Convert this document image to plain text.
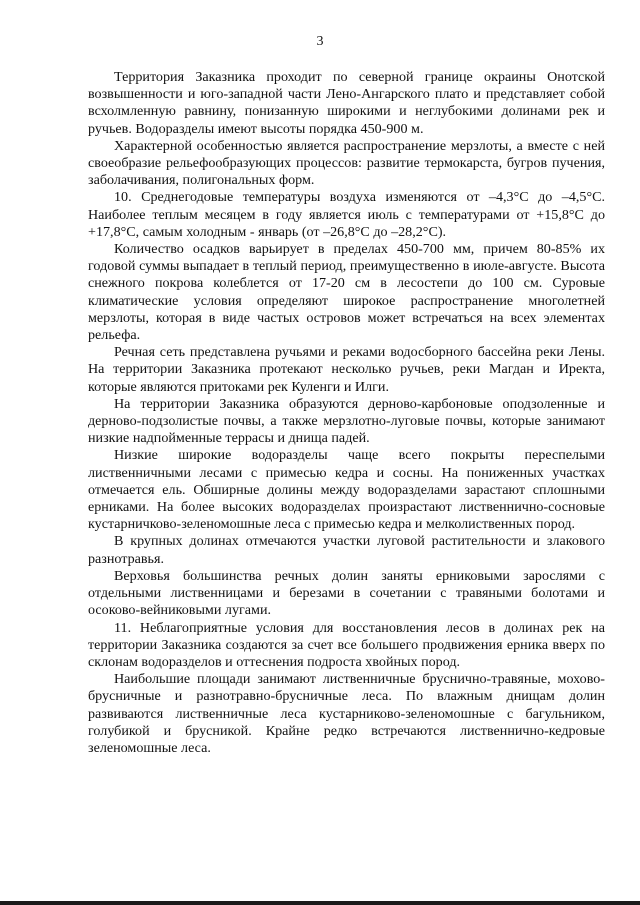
3

Территория Заказника проходит по северной границе окраины Онотской возвышенности и юго-западной части Лено-Ангарского плато и представляет собой всхолмленную равнину, понизанную широкими и неглубокими долинами рек и ручьев. Водоразделы имеют высоты порядка 450-900 м.

Характерной особенностью является распространение мерзлоты, а вместе с ней своеобразие рельефообразующих процессов: развитие термокарста, бугров пучения, заболачивания, полигональных форм.

10. Среднегодовые температуры воздуха изменяются от –4,3°С до –4,5°С. Наиболее теплым месяцем в году является июль с температурами от +15,8°С до +17,8°С, самым холодным - январь (от –26,8°С до –28,2°С).

Количество осадков варьирует в пределах 450-700 мм, причем 80-85% их годовой суммы выпадает в теплый период, преимущественно в июле-августе. Высота снежного покрова колеблется от 17-20 см в лесостепи до 100 см. Суровые климатические условия определяют широкое распространение многолетней мерзлоты, которая в виде частых островов может встречаться на всех элементах рельефа.

Речная сеть представлена ручьями и реками водосборного бассейна реки Лены. На территории Заказника протекают несколько ручьев, реки Магдан и Иректа, которые являются притоками рек Куленги и Илги.

На территории Заказника образуются дерново-карбоновые оподзоленные и дерново-подзолистые почвы, а также мерзлотно-луговые почвы, которые занимают низкие надпойменные террасы и днища падей.

Низкие широкие водоразделы чаще всего покрыты переспелыми лиственничными лесами с примесью кедра и сосны. На пониженных участках отмечается ель. Обширные долины между водоразделами зарастают сплошными ерниками. На более высоких водоразделах произрастают лиственнично-сосновые кустарничково-зеленомошные леса с примесью кедра и мелколиственных пород.

В крупных долинах отмечаются участки луговой растительности и злакового разнотравья.

Верховья большинства речных долин заняты ерниковыми зарослями с отдельными лиственницами и березами в сочетании с травяными болотами и осоково-вейниковыми лугами.

11. Неблагоприятные условия для восстановления лесов в долинах рек на территории Заказника создаются за счет все большего продвижения ерника вверх по склонам водоразделов и оттеснения подроста хвойных пород.

Наибольшие площади занимают лиственничные бруснично-травяные, мохово-брусничные и разнотравно-брусничные леса. По влажным днищам долин развиваются лиственничные леса кустарниково-зеленомошные с багульником, голубикой и брусникой. Крайне редко встречаются лиственнично-кедровые зеленомошные леса.
